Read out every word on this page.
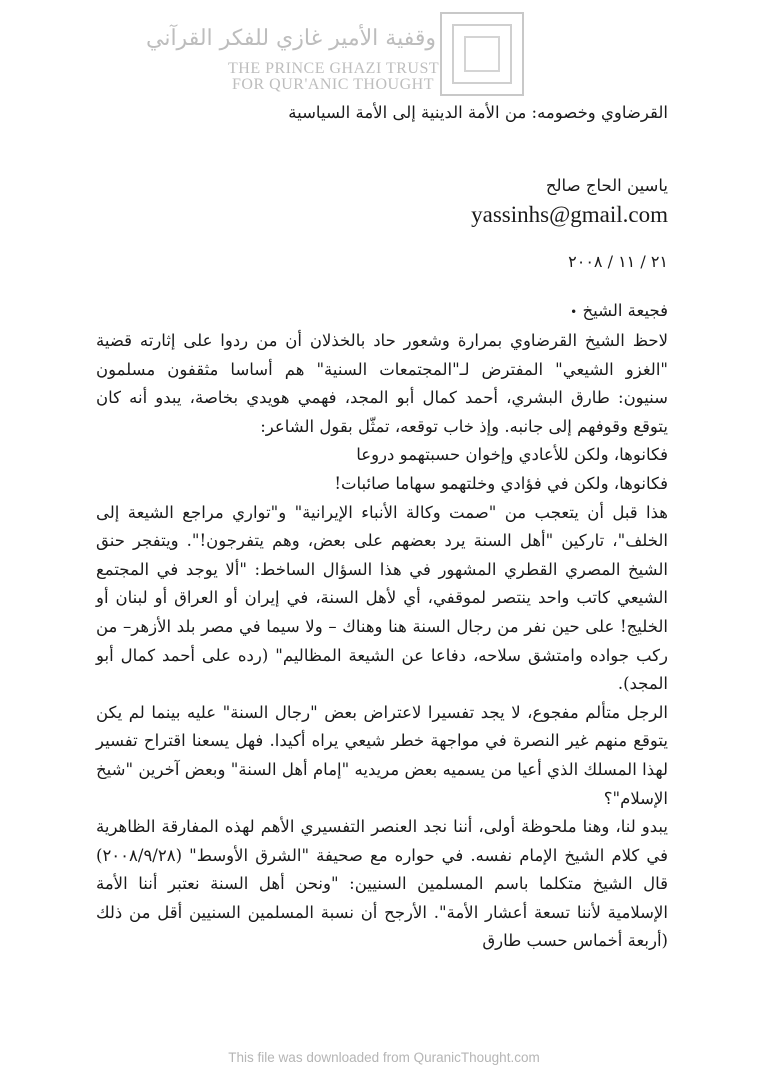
وقفية الأمير غازي للفكر القرآني
THE PRINCE GHAZI TRUST
FOR QUR'ANIC THOUGHT

القرضاوي وخصومه: من الأمة الدينية إلى الأمة السياسية

ياسين الحاج صالح
yassinhs@gmail.com
٢١ / ١١ / ٢٠٠٨
فجيعة الشيخ •

لاحظ الشيخ القرضاوي بمرارة وشعور حاد بالخذلان أن من ردوا على إثارته قضية "الغزو الشيعي" المفترض لـ"المجتمعات السنية" هم أساسا مثقفون مسلمون سنيون: طارق البشري، أحمد كمال أبو المجد، فهمي هويدي بخاصة، يبدو أنه كان يتوقع وقوفهم إلى جانبه. وإذ خاب توقعه، تمثّل بقول الشاعر:

فكانوها، ولكن للأعادي وإخوان حسبتهمو دروعا

فكانوها، ولكن في فؤادي وخلتهمو سهاما صائبات!

هذا قبل أن يتعجب من "صمت وكالة الأنباء الإيرانية" و"تواري مراجع الشيعة إلى الخلف"، تاركين "أهل السنة يرد بعضهم على بعض، وهم يتفرجون!". ويتفجر حنق الشيخ المصري القطري المشهور في هذا السؤال الساخط: "ألا يوجد في المجتمع الشيعي كاتب واحد ينتصر لموقفي، أي لأهل السنة، في إيران أو العراق أو لبنان أو الخليج! على حين نفر من رجال السنة هنا وهناك – ولا سيما في مصر بلد الأزهر– من ركب جواده وامتشق سلاحه، دفاعا عن الشيعة المظاليم" (رده على أحمد كمال أبو المجد).

الرجل متألم مفجوع، لا يجد تفسيرا لاعتراض بعض "رجال السنة" عليه بينما لم يكن يتوقع منهم غير النصرة في مواجهة خطر شيعي يراه أكيدا. فهل يسعنا اقتراح تفسير لهذا المسلك الذي أعيا من يسميه بعض مريديه "إمام أهل السنة" وبعض آخرين "شيخ الإسلام"؟

يبدو لنا، وهنا ملحوظة أولى، أننا نجد العنصر التفسيري الأهم لهذه المفارقة الظاهرية في كلام الشيخ الإمام نفسه. في حواره مع صحيفة "الشرق الأوسط" (٢٠٠٨/٩/٢٨) قال الشيخ متكلما باسم المسلمين السنيين: "ونحن أهل السنة نعتبر أننا الأمة الإسلامية لأننا تسعة أعشار الأمة". الأرجح أن نسبة المسلمين السنيين أقل من ذلك (أربعة أخماس حسب طارق

This file was downloaded from QuranicThought.com
